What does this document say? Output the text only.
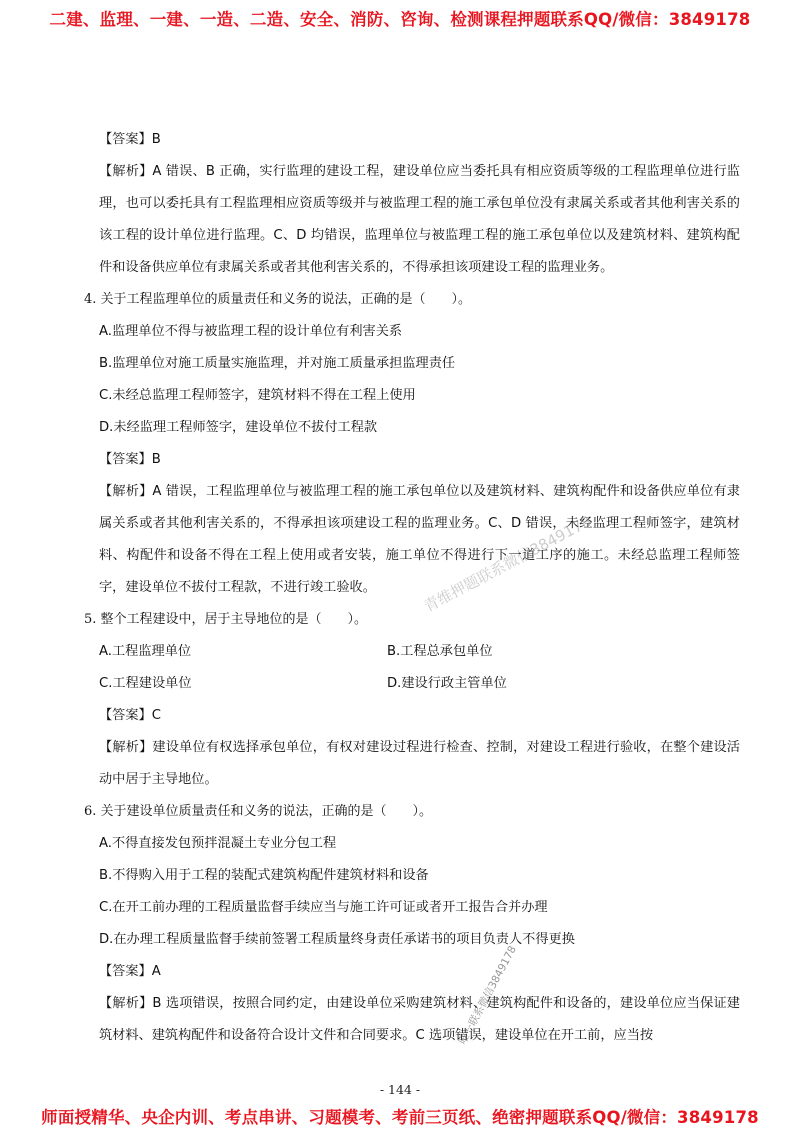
二建、监理、一建、一造、二造、安全、消防、咨询、检测课程押题联系QQ/微信：3849178
【答案】B
【解析】A 错误、B 正确，实行监理的建设工程，建设单位应当委托具有相应资质等级的工程监理单位进行监理，也可以委托具有工程监理相应资质等级并与被监理工程的施工承包单位没有隶属关系或者其他利害关系的该工程的设计单位进行监理。C、D 均错误，监理单位与被监理工程的施工承包单位以及建筑材料、建筑构配件和设备供应单位有隶属关系或者其他利害关系的，不得承担该项建设工程的监理业务。
4. 关于工程监理单位的质量责任和义务的说法，正确的是（　　）。
A.监理单位不得与被监理工程的设计单位有利害关系
B.监理单位对施工质量实施监理，并对施工质量承担监理责任
C.未经总监理工程师签字，建筑材料不得在工程上使用
D.未经监理工程师签字，建设单位不拔付工程款
【答案】B
【解析】A 错误，工程监理单位与被监理工程的施工承包单位以及建筑材料、建筑构配件和设备供应单位有隶属关系或者其他利害关系的，不得承担该项建设工程的监理业务。C、D 错误，未经监理工程师签字，建筑材料、构配件和设备不得在工程上使用或者安装，施工单位不得进行下一道工序的施工。未经总监理工程师签字，建设单位不拔付工程款，不进行竣工验收。
5. 整个工程建设中，居于主导地位的是（　　）。
A.工程监理单位	B.工程总承包单位
C.工程建设单位	D.建设行政主管单位
【答案】C
【解析】建设单位有权选择承包单位，有权对建设过程进行检查、控制，对建设工程进行验收，在整个建设活动中居于主导地位。
6. 关于建设单位质量责任和义务的说法，正确的是（　　）。
A.不得直接发包预拌混凝土专业分包工程
B.不得购入用于工程的装配式建筑构配件建筑材料和设备
C.在开工前办理的工程质量监督手续应当与施工许可证或者开工报告合并办理
D.在办理工程质量监督手续前签署工程质量终身责任承诺书的项目负责人不得更换
【答案】A
【解析】B 选项错误，按照合同约定，由建设单位采购建筑材料、建筑构配件和设备的，建设单位应当保证建筑材料、建筑构配件和设备符合设计文件和合同要求。C 选项错误，建设单位在开工前，应当按
青维押题联系微信3849178
唯一联系微信3849178
- 144 -
师面授精华、央企内训、考点串讲、习题模考、考前三页纸、绝密押题联系QQ/微信：3849178
